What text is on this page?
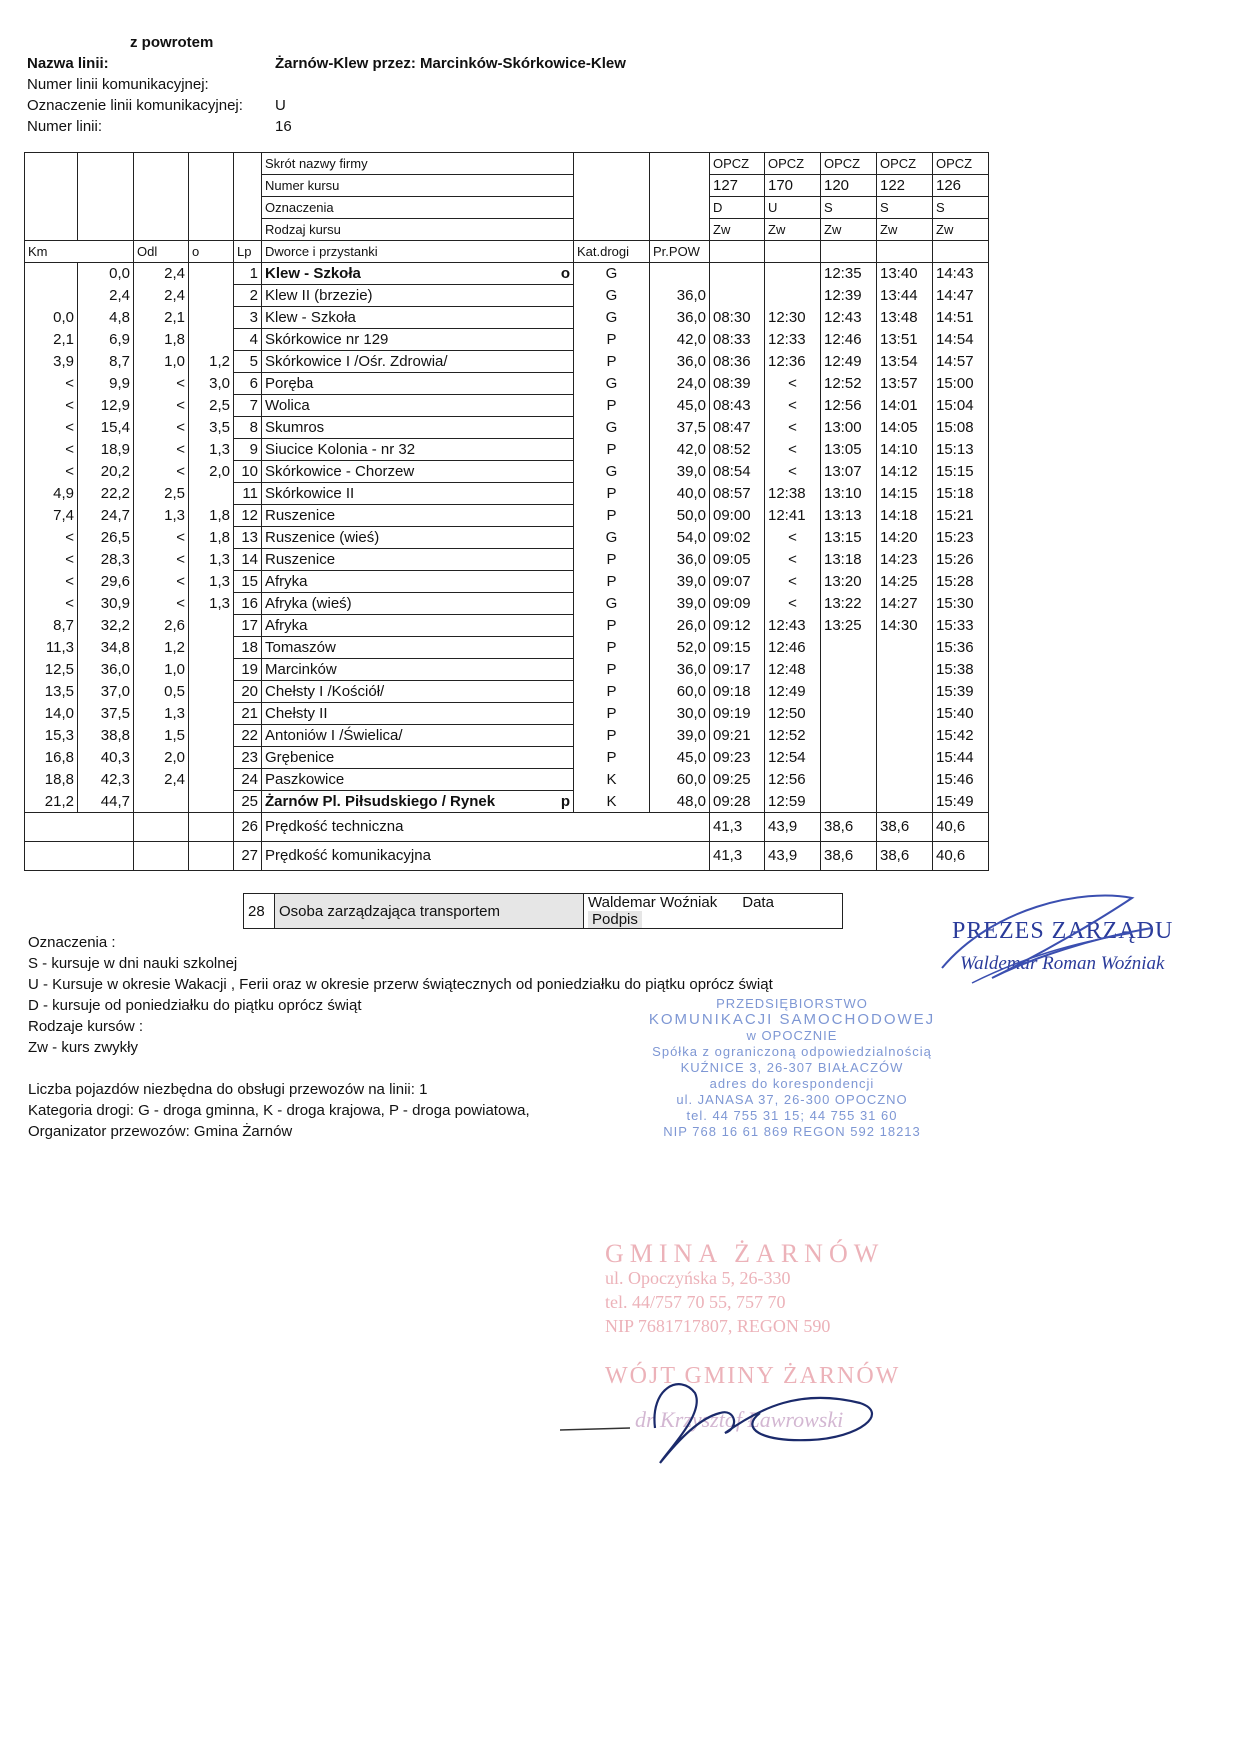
z powrotem
Nazwa linii:	Żarnów-Klew przez: Marcinków-Skórkowice-Klew
Numer linii komunikacyjnej:
Oznaczenie linii komunikacyjnej: U
Numer linii:	16
					Skrót nazwy firmy			OPCZ	OPCZ	OPCZ	OPCZ	OPCZ
					Numer kursu			127	170	120	122	126
					Oznaczenia			D	U	S	S	S
					Rodzaj kursu			Zw	Zw	Zw	Zw	Zw
Km		Odl	o	Lp	Dworce i przystanki	Kat.drogi	Pr.POW					
	0,0	2,4		1	Klew - Szkoła o	G				12:35	13:40	14:43
	2,4	2,4		2	Klew II (brzezie)	G	36,0			12:39	13:44	14:47
0,0	4,8	2,1		3	Klew - Szkoła	G	36,0	08:30	12:30	12:43	13:48	14:51
2,1	6,9	1,8		4	Skórkowice nr 129	P	42,0	08:33	12:33	12:46	13:51	14:54
3,9	8,7	1,0	1,2	5	Skórkowice I /Ośr. Zdrowia/	P	36,0	08:36	12:36	12:49	13:54	14:57
<	9,9	<	3,0	6	Poręba	G	24,0	08:39	<	12:52	13:57	15:00
<	12,9	<	2,5	7	Wolica	P	45,0	08:43	<	12:56	14:01	15:04
<	15,4	<	3,5	8	Skumros	G	37,5	08:47	<	13:00	14:05	15:08
<	18,9	<	1,3	9	Siucice Kolonia - nr 32	P	42,0	08:52	<	13:05	14:10	15:13
<	20,2	<	2,0	10	Skórkowice - Chorzew	G	39,0	08:54	<	13:07	14:12	15:15
4,9	22,2	2,5		11	Skórkowice II	P	40,0	08:57	12:38	13:10	14:15	15:18
7,4	24,7	1,3	1,8	12	Ruszenice	P	50,0	09:00	12:41	13:13	14:18	15:21
<	26,5	<	1,8	13	Ruszenice (wieś)	G	54,0	09:02	<	13:15	14:20	15:23
<	28,3	<	1,3	14	Ruszenice	P	36,0	09:05	<	13:18	14:23	15:26
<	29,6	<	1,3	15	Afryka	P	39,0	09:07	<	13:20	14:25	15:28
<	30,9	<	1,3	16	Afryka (wieś)	G	39,0	09:09	<	13:22	14:27	15:30
8,7	32,2	2,6		17	Afryka	P	26,0	09:12	12:43	13:25	14:30	15:33
11,3	34,8	1,2		18	Tomaszów	P	52,0	09:15	12:46			15:36
12,5	36,0	1,0		19	Marcinków	P	36,0	09:17	12:48			15:38
13,5	37,0	0,5		20	Chełsty I /Kościół/	P	60,0	09:18	12:49			15:39
14,0	37,5	1,3		21	Chełsty II	P	30,0	09:19	12:50			15:40
15,3	38,8	1,5		22	Antoniów I /Świelica/	P	39,0	09:21	12:52			15:42
16,8	40,3	2,0		23	Grębenice	P	45,0	09:23	12:54			15:44
18,8	42,3	2,4		24	Paszkowice	K	60,0	09:25	12:56			15:46
21,2	44,7			25	Żarnów Pl. Piłsudskiego / Rynek p	K	48,0	09:28	12:59			15:49
				26	Prędkość techniczna			41,3	43,9	38,6	38,6	40,6
				27	Prędkość komunikacyjna			41,3	43,9	38,6	38,6	40,6
28	Osoba zarządzająca transportem	Waldemar Woźniak Data     Podpis
Oznaczenia :
S - kursuje w dni nauki szkolnej
U - Kursuje w okresie Wakacji , Ferii oraz w okresie przerw świątecznych od poniedziałku do piątku oprócz świąt
D - kursuje od poniedziałku do piątku oprócz świąt
Rodzaje kursów :
Zw - kurs zwykły
Liczba pojazdów niezbędna do obsługi przewozów na linii: 1
Kategoria drogi: G - droga gminna, K - droga krajowa, P - droga powiatowa,
Organizator przewozów: Gmina Żarnów
PREZES ZARZĄDU
Waldemar Roman Woźniak
PRZEDSIĘBIORSTWO
KOMUNIKACJI SAMOCHODOWEJ
w OPOCZNIE
Spółka z ograniczoną odpowiedzialnością
KUŹNICE 3, 26-307 BIAŁACZÓW
adres do korespondencji
ul. JANASA 37, 26-300 OPOCZNO
tel. 44 755 31 15; 44 755 31 60
NIP 768 16 61 869 REGON 592 18213
GMINA ŻARNÓW
ul. Opoczyńska 5, 26-330
tel. 44/757 70 55, 757 70
NIP 7681717807, REGON 590
WÓJT GMINY ŻARNÓW
dr Krzysztof Ławrowski
